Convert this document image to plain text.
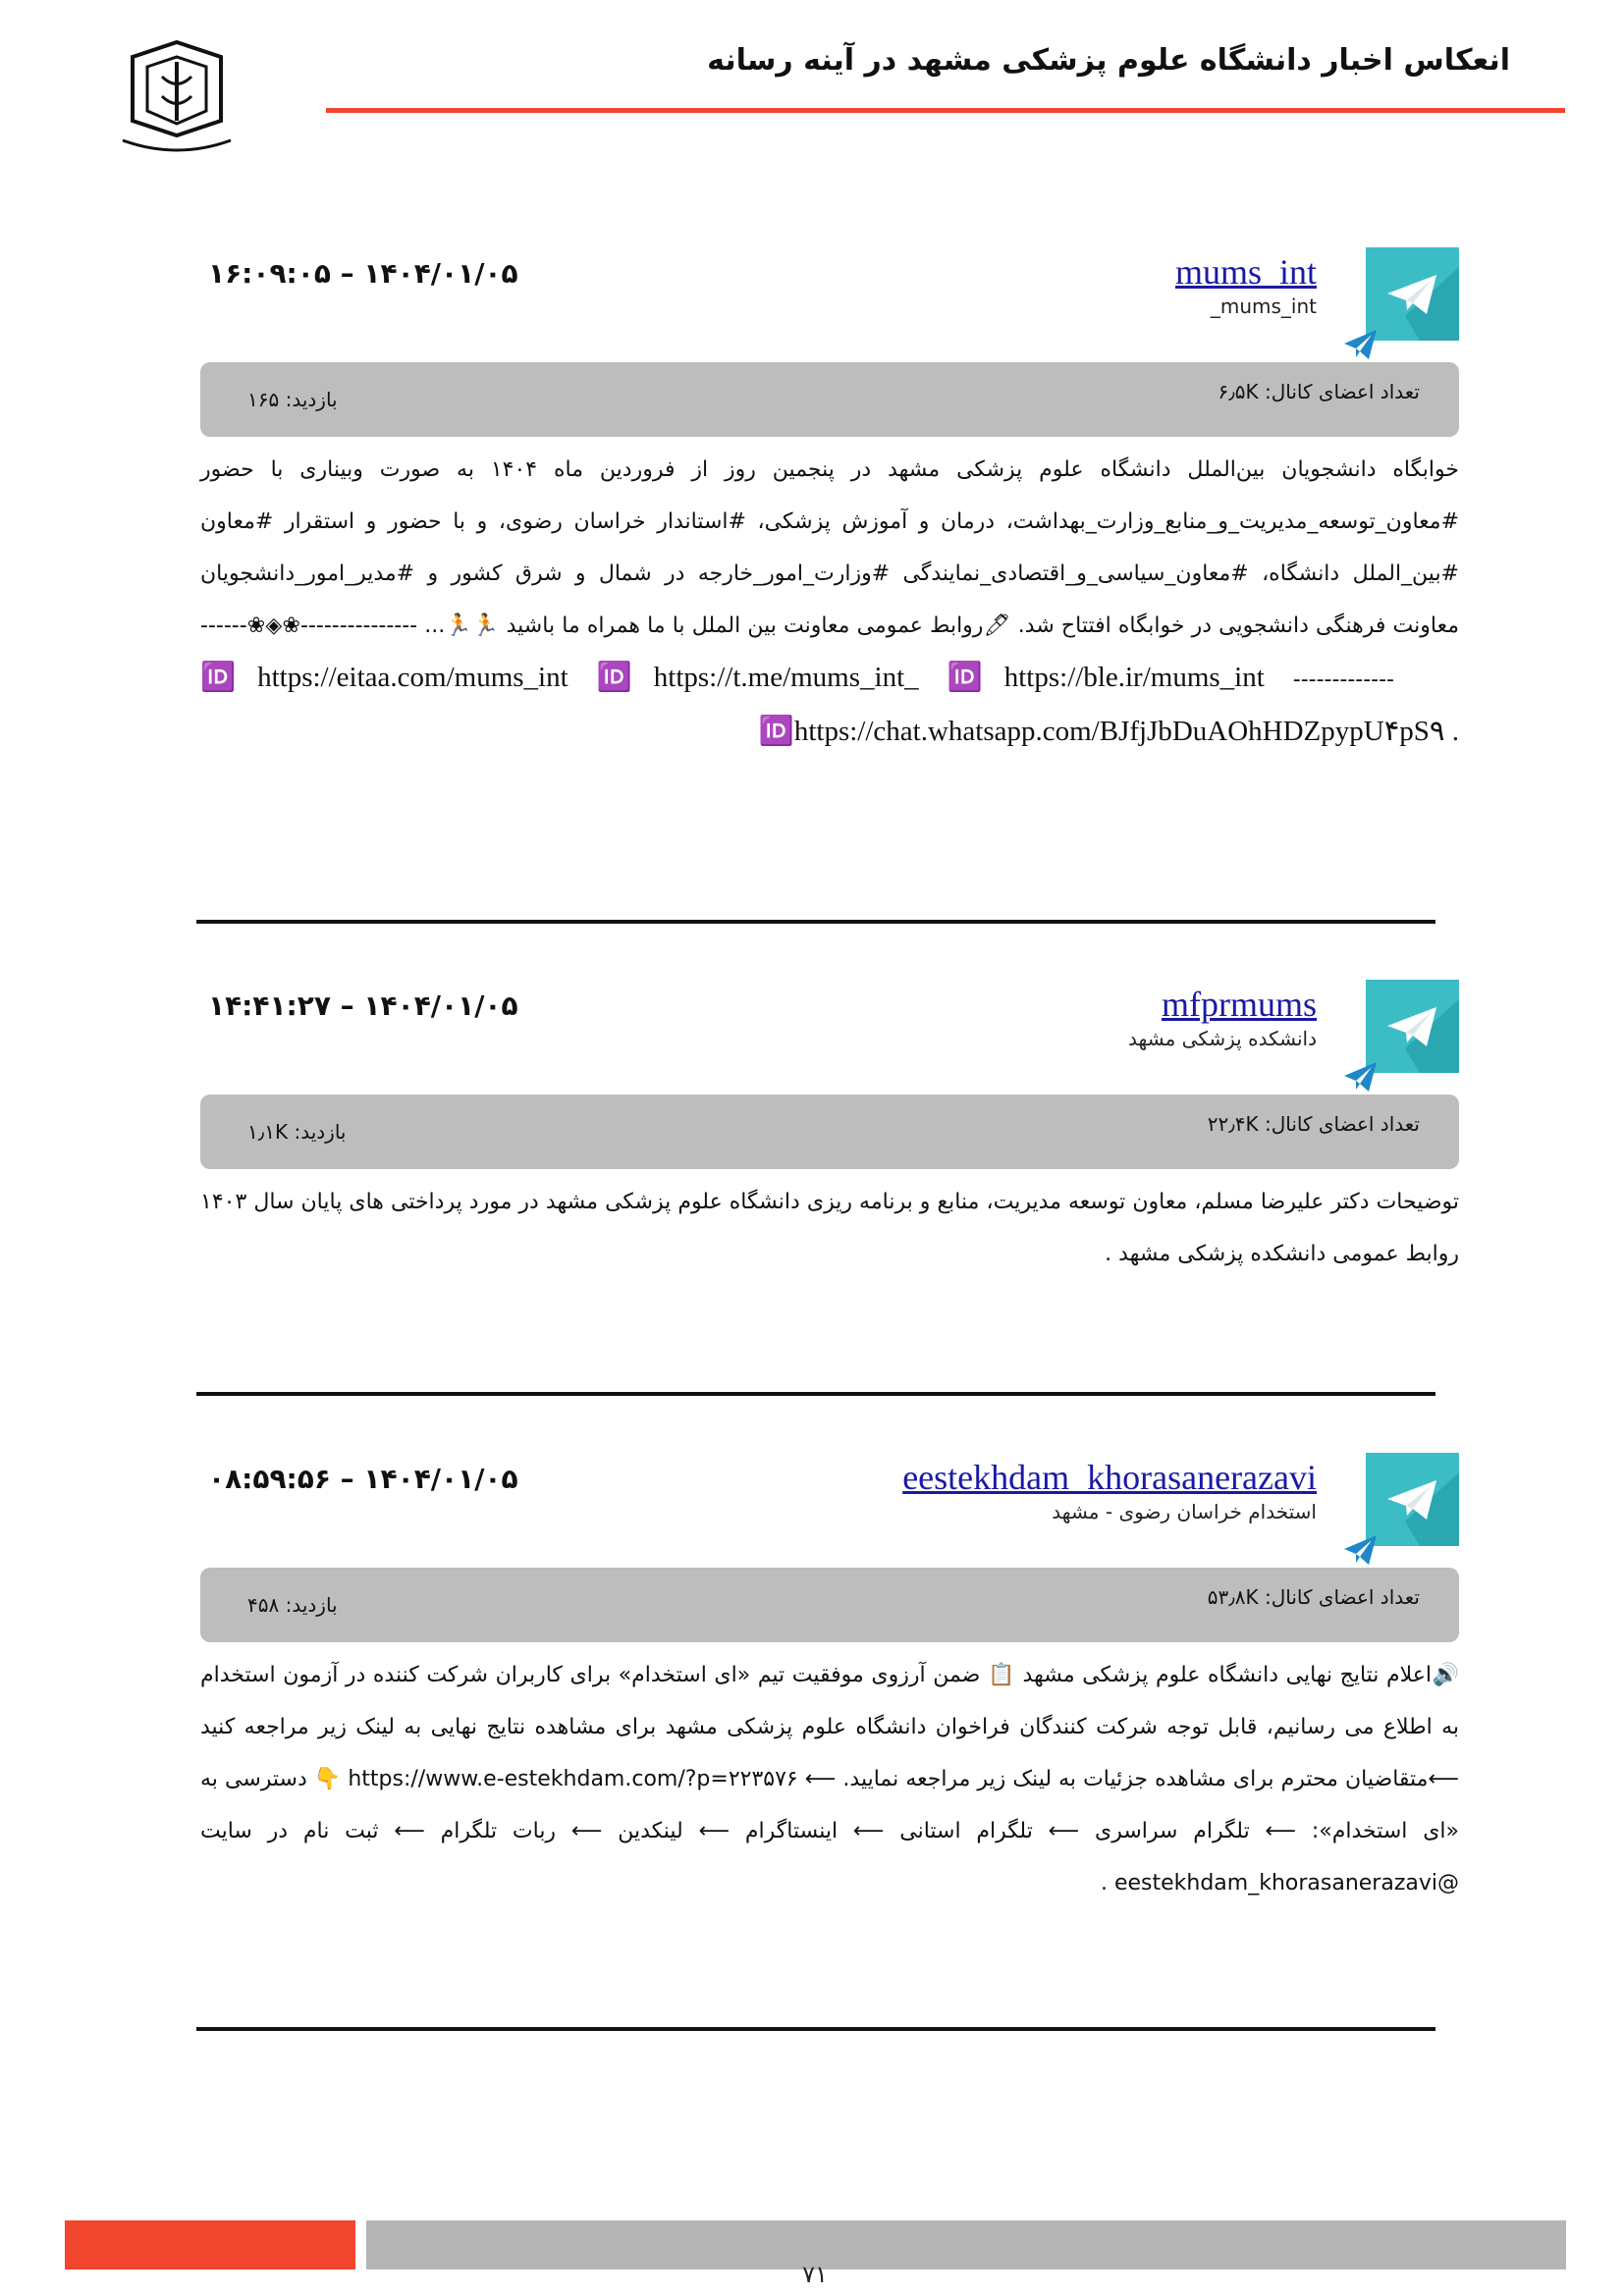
انعکاس اخبار دانشگاه علوم پزشکی مشهد در آینه رسانه
mums_int
mums_int_
۱۶:۰۹:۰۵ – ۱۴۰۴/۰۱/۰۵
تعداد اعضای کانال: ۶٫۵K
بازدید: ۱۶۵
خوابگاه دانشجویان بین‌الملل دانشگاه علوم پزشکی مشهد در پنجمین روز از فروردین ماه ۱۴۰۴ به صورت وبیناری با حضور #معاون_توسعه_مدیریت_و_منابع_وزارت_بهداشت، درمان و آموزش پزشکی، #استاندار خراسان رضوی، و با حضور و استقرار #معاون #بین_الملل دانشگاه، #معاون_سیاسی_و_اقتصادی_نمایندگی #وزارت_امور_خارجه در شمال و شرق کشور و #مدیر_امور_دانشجویان معاونت فرهنگی دانشجویی در خوابگاه افتتاح شد. 🖊روابط عمومی معاونت بین الملل با ما همراه ما باشید 🏃🏃... ---------------❀◈❀------------------- 🆔https://eitaa.com/mums_int 🆔https://t.me/mums_int_ 🆔https://ble.ir/mums_int 🆔https://chat.whatsapp.com/BJfjJbDuAOhHDZpypU۴pS۹ .
mfprmums
دانشکده پزشکی مشهد
۱۴:۴۱:۲۷ – ۱۴۰۴/۰۱/۰۵
تعداد اعضای کانال: ۲۲٫۴K
بازدید: ۱٫۱K
توضیحات دکتر علیرضا مسلم، معاون توسعه مدیریت، منابع و برنامه ریزی دانشگاه علوم پزشکی مشهد در مورد پرداختی های پایان سال ۱۴۰۳ روابط عمومی دانشکده پزشکی مشهد .
eestekhdam_khorasanerazavi
استخدام خراسان رضوی - مشهد
۰۸:۵۹:۵۶ – ۱۴۰۴/۰۱/۰۵
تعداد اعضای کانال: ۵۳٫۸K
بازدید: ۴۵۸
🔊اعلام نتایج نهایی دانشگاه علوم پزشکی مشهد 📋 ضمن آرزوی موفقیت تیم «ای استخدام» برای کاربران شرکت کننده در آزمون استخدام به اطلاع می رسانیم، قابل توجه شرکت کنندگان فراخوان دانشگاه علوم پزشکی مشهد برای مشاهده نتایج نهایی به لینک زیر مراجعه کنید ⟵متقاضیان محترم برای مشاهده جزئیات به لینک زیر مراجعه نمایید. ⟵ https://www.e-estekhdam.com/?p=۲۲۳۵۷۶ 👇 دسترسی به «ای استخدام»: ⟵ تلگرام سراسری ⟵ تلگرام استانی ⟵ اینستاگرام ⟵ لینکدین ⟵ ربات تلگرام ⟵ ثبت نام در سایت @eestekhdam_khorasanerazavi .
۷۱
